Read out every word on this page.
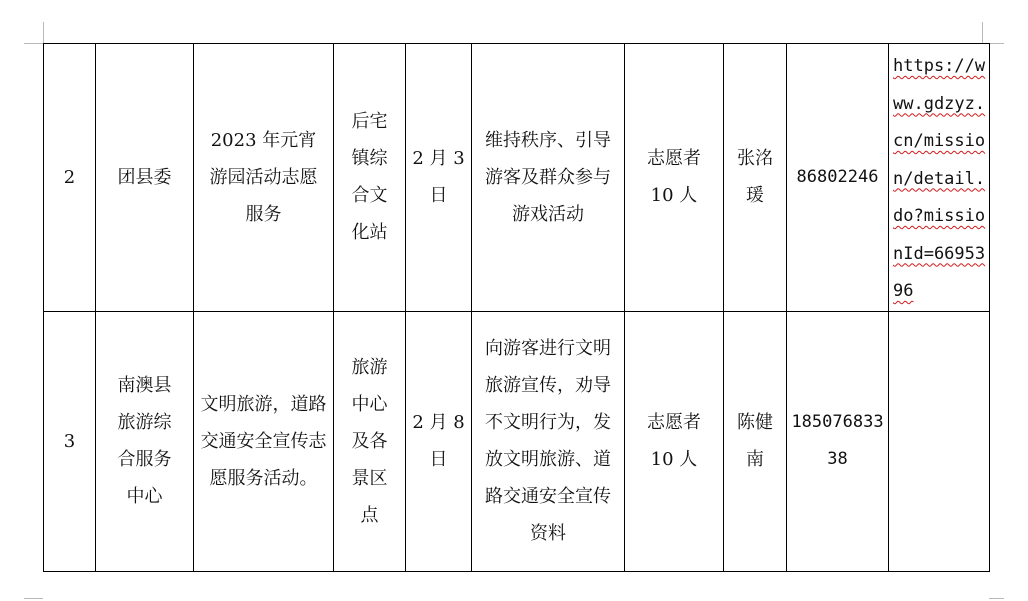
2	团县委	2023 年元宵游园活动志愿服务	后宅镇综合文化站	2 月 3 日	维持秩序、引导游客及群众参与游戏活动	志愿者 10 人	张洺瑗	86802246	https://www.gdzyz.cn/mission/detail.do?missionId=6695396

3	南澳县旅游综合服务中心	文明旅游，道路交通安全宣传志愿服务活动。	旅游中心及各景区点	2 月 8 日	向游客进行文明旅游宣传，劝导不文明行为，发放文明旅游、道路交通安全宣传资料	志愿者 10 人	陈健南	18507683338	
